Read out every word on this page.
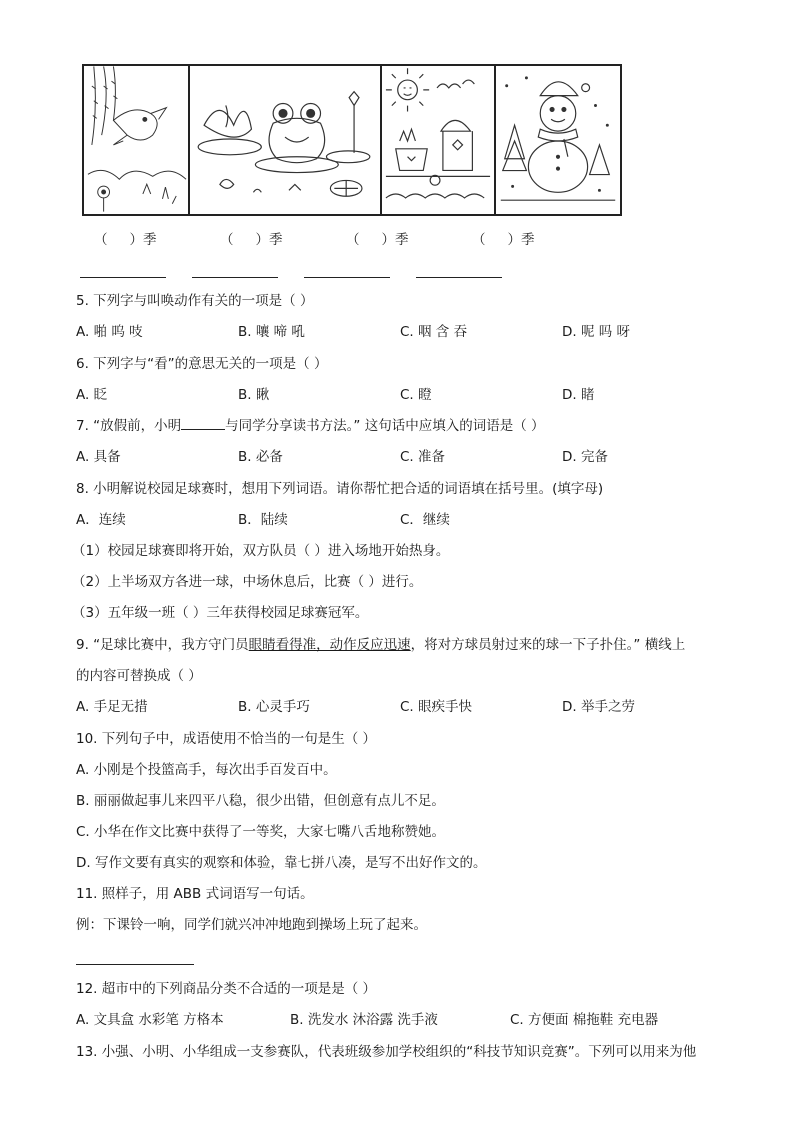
（ ）季	（ ）季	（ ）季	（ ）季
5. 下列字与叫唤动作有关的一项是（ ）
A. 啪 呜 吱	B. 嚷 啼 吼	C. 咽 含 吞	D. 呢 吗 呀
6. 下列字与“看”的意思无关的一项是（ ）
A. 眨	B. 瞅	C. 瞪	D. 睹
7. “放假前，小明	与同学分享读书方法。” 这句话中应填入的词语是（ ）
A. 具备	B. 必备	C. 准备	D. 完备
8. 小明解说校园足球赛时，想用下列词语。请你帮忙把合适的词语填在括号里。(填字母)
A．连续	B．陆续	C．继续
（1）校园足球赛即将开始，双方队员（ ）进入场地开始热身。
（2）上半场双方各进一球，中场休息后，比赛（ ）进行。
（3）五年级一班（ ）三年获得校园足球赛冠军。
9. “足球比赛中，我方守门员眼睛看得准，动作反应迅速，将对方球员射过来的球一下子扑住。” 横线上
的内容可替换成（ ）
A. 手足无措	B. 心灵手巧	C. 眼疾手快	D. 举手之劳
10. 下列句子中，成语使用不恰当的一句是生（ ）
A. 小刚是个投篮高手，每次出手百发百中。
B. 丽丽做起事儿来四平八稳，很少出错，但创意有点儿不足。
C. 小华在作文比赛中获得了一等奖，大家七嘴八舌地称赞她。
D. 写作文要有真实的观察和体验，靠七拼八凑，是写不出好作文的。
11. 照样子，用 ABB 式词语写一句话。
例：下课铃一响，同学们就兴冲冲地跑到操场上玩了起来。
12. 超市中的下列商品分类不合适的一项是是（ ）
A. 文具盒 水彩笔 方格本	B. 洗发水 沐浴露 洗手液	C. 方便面 棉拖鞋 充电器
13. 小强、小明、小华组成一支参赛队，代表班级参加学校组织的“科技节知识竞赛”。下列可以用来为他
